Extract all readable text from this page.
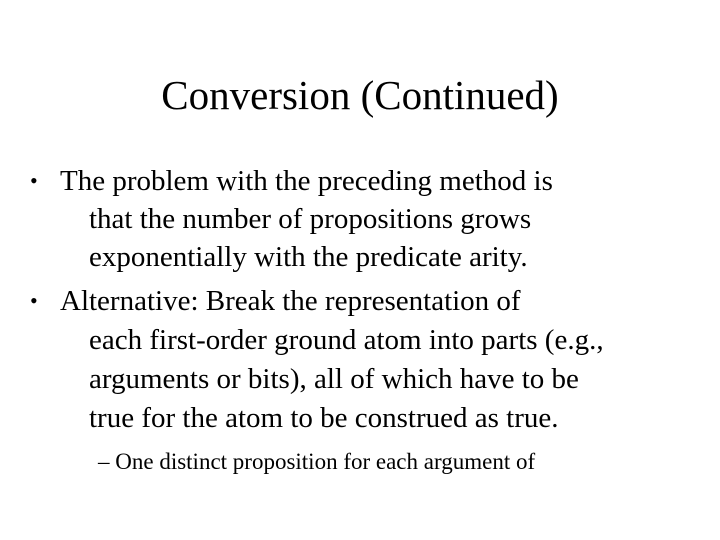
Conversion (Continued)
• The problem with the preceding method is
that the number of propositions grows
exponentially with the predicate arity.
• Alternative: Break the representation of
each first-order ground atom into parts (e.g.,
arguments or bits), all of which have to be
true for the atom to be construed as true.
– One distinct proposition for each argument of
